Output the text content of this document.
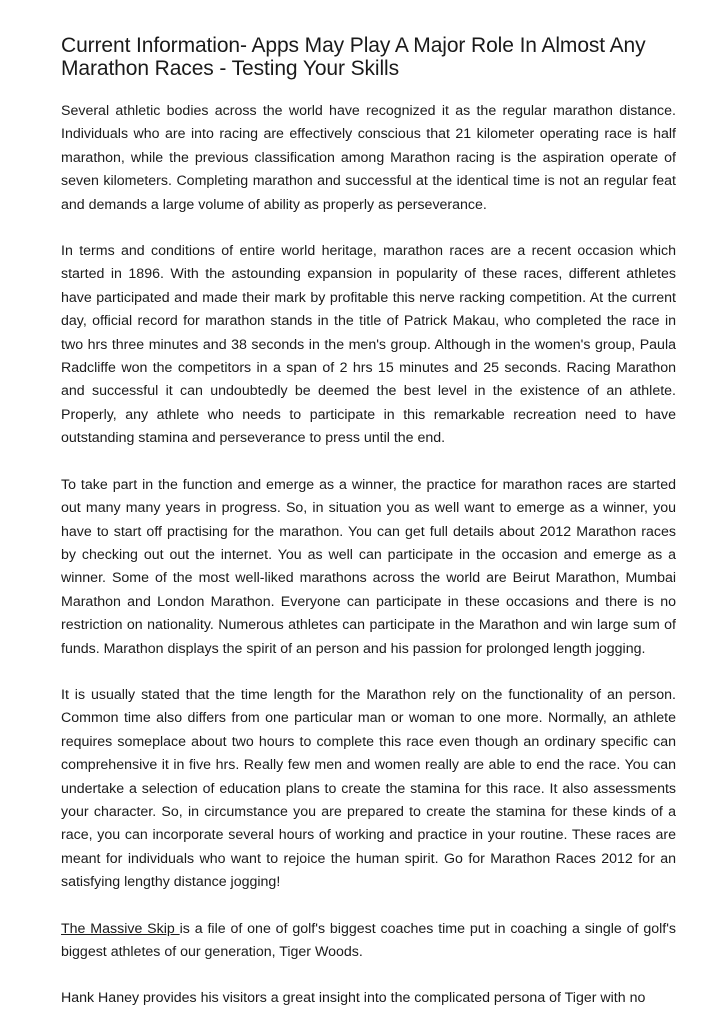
Current Information- Apps May Play A Major Role In Almost Any Marathon Races - Testing Your Skills

Several athletic bodies across the world have recognized it as the regular marathon distance. Individuals who are into racing are effectively conscious that 21 kilometer operating race is half marathon, while the previous classification among Marathon racing is the aspiration operate of seven kilometers. Completing marathon and successful at the identical time is not an regular feat and demands a large volume of ability as properly as perseverance.

In terms and conditions of entire world heritage, marathon races are a recent occasion which started in 1896. With the astounding expansion in popularity of these races, different athletes have participated and made their mark by profitable this nerve racking competition. At the current day, official record for marathon stands in the title of Patrick Makau, who completed the race in two hrs three minutes and 38 seconds in the men's group. Although in the women's group, Paula Radcliffe won the competitors in a span of 2 hrs 15 minutes and 25 seconds. Racing Marathon and successful it can undoubtedly be deemed the best level in the existence of an athlete. Properly, any athlete who needs to participate in this remarkable recreation need to have outstanding stamina and perseverance to press until the end.

To take part in the function and emerge as a winner, the practice for marathon races are started out many many years in progress. So, in situation you as well want to emerge as a winner, you have to start off practising for the marathon. You can get full details about 2012 Marathon races by checking out out the internet. You as well can participate in the occasion and emerge as a winner. Some of the most well-liked marathons across the world are Beirut Marathon, Mumbai Marathon and London Marathon. Everyone can participate in these occasions and there is no restriction on nationality. Numerous athletes can participate in the Marathon and win large sum of funds. Marathon displays the spirit of an person and his passion for prolonged length jogging.

It is usually stated that the time length for the Marathon rely on the functionality of an person. Common time also differs from one particular man or woman to one more. Normally, an athlete requires someplace about two hours to complete this race even though an ordinary specific can comprehensive it in five hrs. Really few men and women really are able to end the race. You can undertake a selection of education plans to create the stamina for this race. It also assessments your character. So, in circumstance you are prepared to create the stamina for these kinds of a race, you can incorporate several hours of working and practice in your routine. These races are meant for individuals who want to rejoice the human spirit. Go for Marathon Races 2012 for an satisfying lengthy distance jogging!

The Massive Skip is a file of one of golf's biggest coaches time put in coaching a single of golf's biggest athletes of our generation, Tiger Woods.

Hank Haney provides his visitors a great insight into the complicated persona of Tiger with no
